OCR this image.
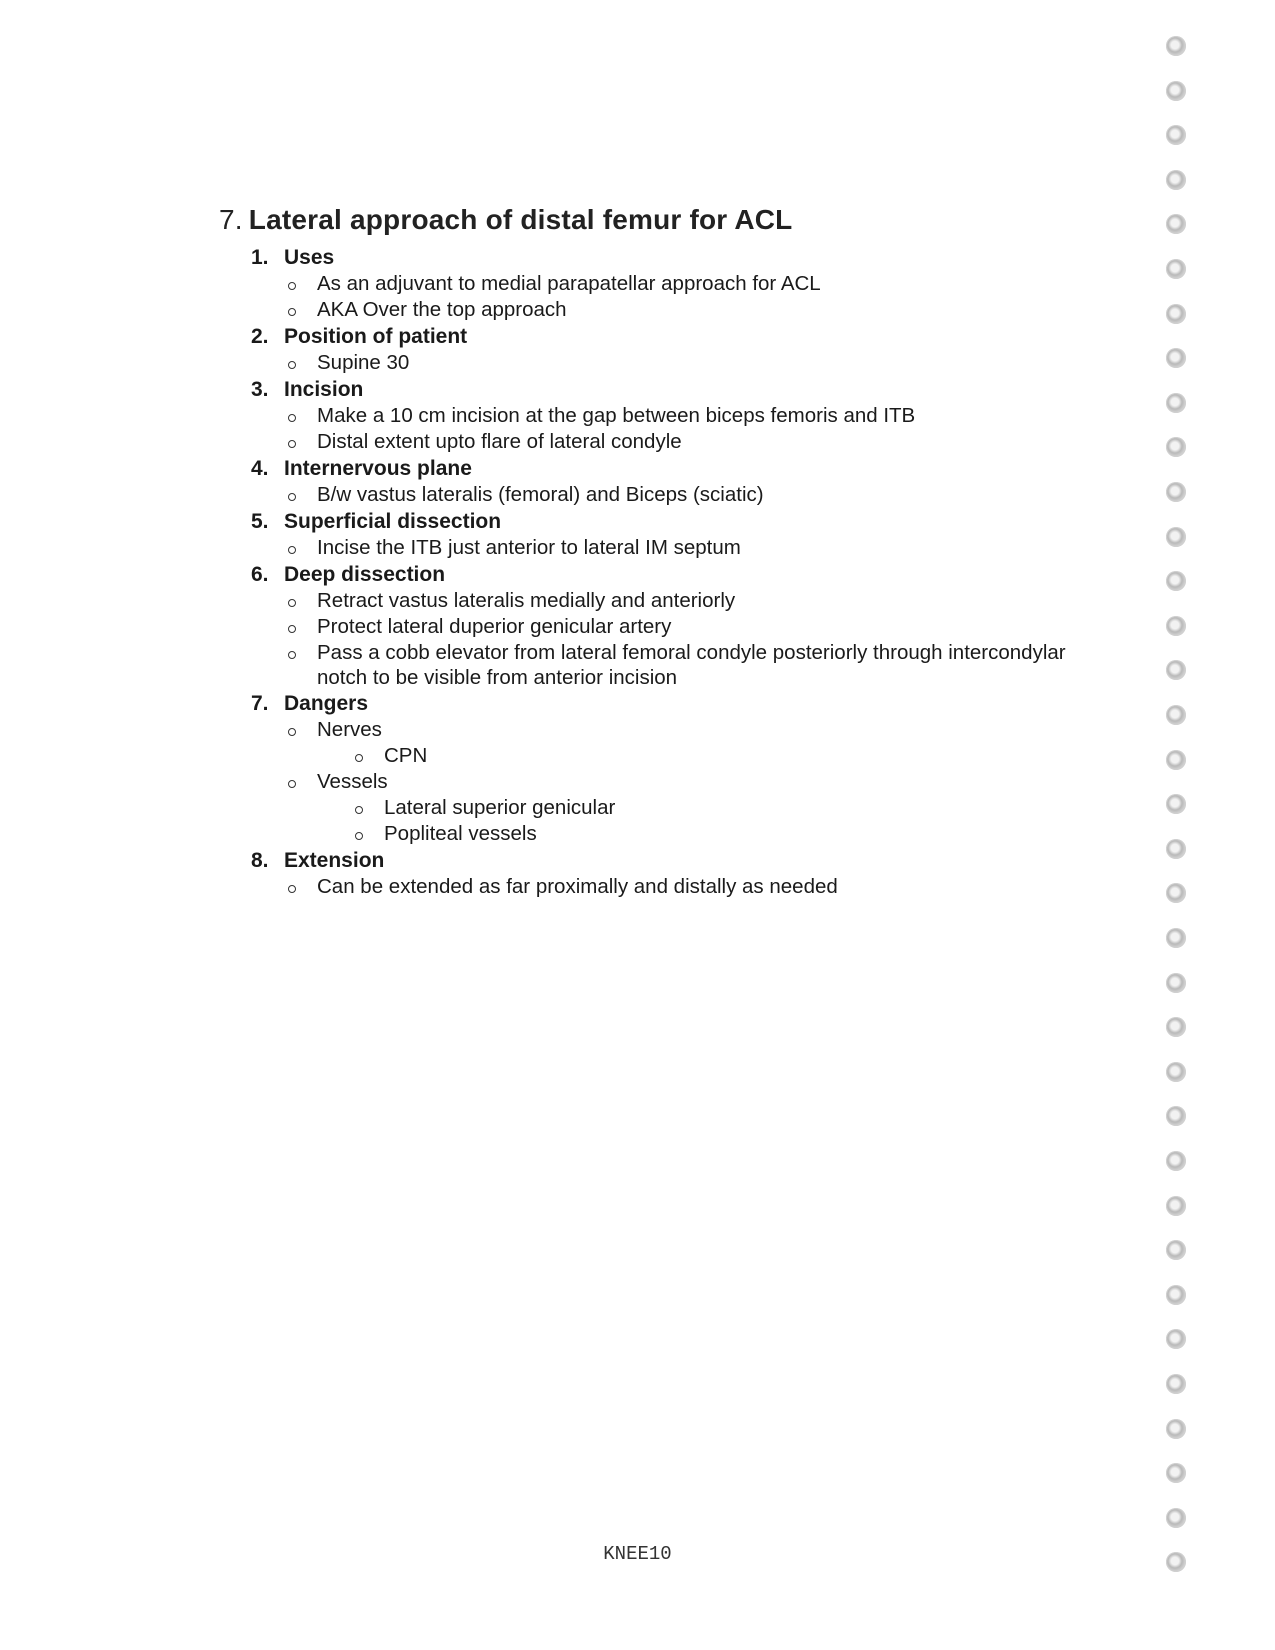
7. Lateral approach of distal femur for ACL
1. Uses
As an adjuvant to medial parapatellar approach for ACL
AKA Over the top approach
2. Position of patient
Supine 30
3. Incision
Make a 10 cm incision at the gap between biceps femoris and ITB
Distal extent upto flare of lateral condyle
4. Internervous plane
B/w vastus lateralis (femoral) and Biceps (sciatic)
5. Superficial dissection
Incise the ITB just anterior to lateral IM septum
6. Deep dissection
Retract vastus lateralis medially and anteriorly
Protect lateral duperior genicular artery
Pass a cobb elevator from lateral femoral condyle posteriorly through intercondylar notch to be visible from anterior incision
7. Dangers
Nerves
CPN
Vessels
Lateral superior genicular
Popliteal vessels
8. Extension
Can be extended as far proximally and distally as needed
KNEE10
